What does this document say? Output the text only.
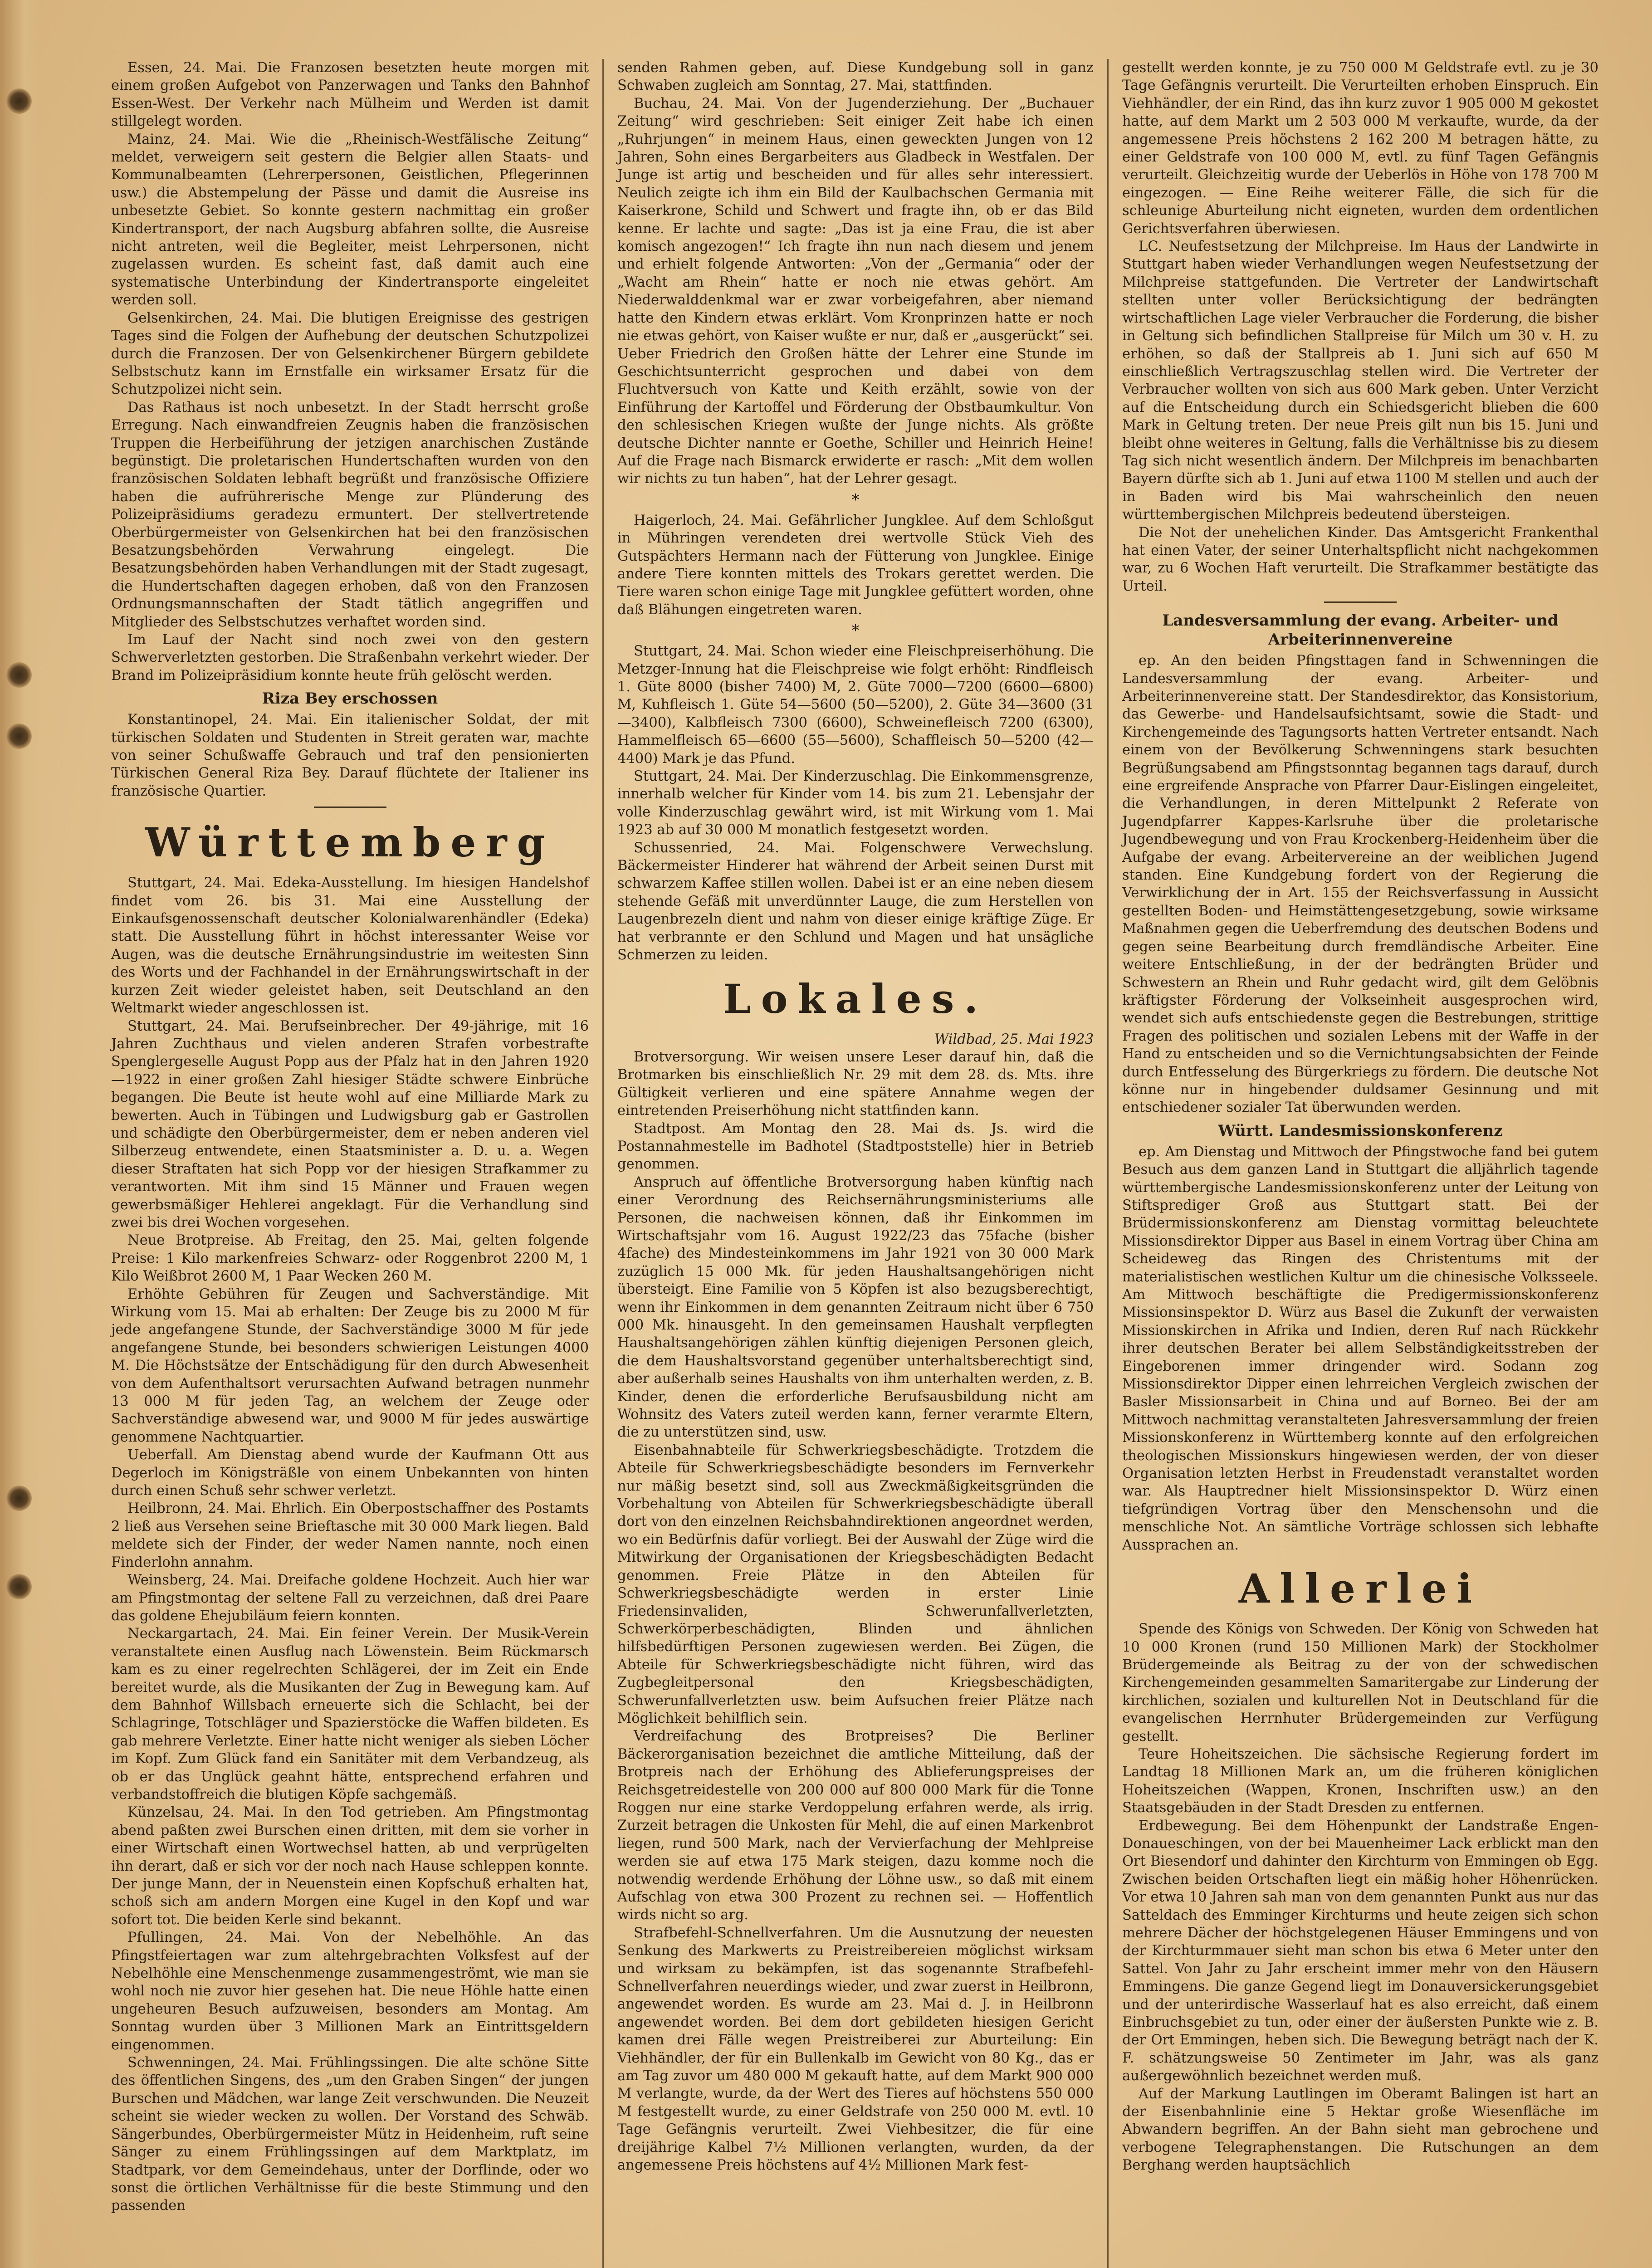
Essen, 24. Mai. Die Franzosen besetzten heute morgen mit einem großen Aufgebot von Panzerwagen und Tanks den Bahnhof Essen-West. Der Verkehr nach Mülheim und Werden ist damit stillgelegt worden.

Mainz, 24. Mai. Wie die „Rheinisch-Westfälische Zeitung“ meldet, verweigern seit gestern die Belgier allen Staats- und Kommunalbeamten (Lehrerpersonen, Geistlichen, Pflegerinnen usw.) die Abstempelung der Pässe und damit die Ausreise ins unbesetzte Gebiet. So konnte gestern nachmittag ein großer Kindertransport, der nach Augsburg abfahren sollte, die Ausreise nicht antreten, weil die Begleiter, meist Lehrpersonen, nicht zugelassen wurden. Es scheint fast, daß damit auch eine systematische Unterbindung der Kindertransporte eingeleitet werden soll.

Gelsenkirchen, 24. Mai. Die blutigen Ereignisse des gestrigen Tages sind die Folgen der Aufhebung der deutschen Schutzpolizei durch die Franzosen. Der von Gelsenkirchener Bürgern gebildete Selbstschutz kann im Ernstfalle ein wirksamer Ersatz für die Schutzpolizei nicht sein.

Das Rathaus ist noch unbesetzt. In der Stadt herrscht große Erregung. Nach einwandfreien Zeugnis haben die französischen Truppen die Herbeiführung der jetzigen anarchischen Zustände begünstigt. Die proletarischen Hundertschaften wurden von den französischen Soldaten lebhaft begrüßt und französische Offiziere haben die aufrührerische Menge zur Plünderung des Polizeipräsidiums geradezu ermuntert. Der stellvertretende Oberbürgermeister von Gelsenkirchen hat bei den französischen Besatzungsbehörden Verwahrung eingelegt. Die Besatzungsbehörden haben Verhandlungen mit der Stadt zugesagt, die Hundertschaften dagegen erhoben, daß von den Franzosen Ordnungsmannschaften der Stadt tätlich angegriffen und Mitglieder des Selbstschutzes verhaftet worden sind.

Im Lauf der Nacht sind noch zwei von den gestern Schwerverletzten gestorben. Die Straßenbahn verkehrt wieder. Der Brand im Polizeipräsidium konnte heute früh gelöscht werden.

Riza Bey erschossen

Konstantinopel, 24. Mai. Ein italienischer Soldat, der mit türkischen Soldaten und Studenten in Streit geraten war, machte von seiner Schußwaffe Gebrauch und traf den pensionierten Türkischen General Riza Bey. Darauf flüchtete der Italiener ins französische Quartier.

Württemberg

Stuttgart, 24. Mai. Edeka-Ausstellung. Im hiesigen Handelshof findet vom 26. bis 31. Mai eine Ausstellung der Einkaufsgenossenschaft deutscher Kolonialwarenhändler (Edeka) statt. Die Ausstellung führt in höchst interessanter Weise vor Augen, was die deutsche Ernährungsindustrie im weitesten Sinn des Worts und der Fachhandel in der Ernährungswirtschaft in der kurzen Zeit wieder geleistet haben, seit Deutschland an den Weltmarkt wieder angeschlossen ist.

Stuttgart, 24. Mai. Berufseinbrecher. Der 49-jährige, mit 16 Jahren Zuchthaus und vielen anderen Strafen vorbestrafte Spenglergeselle August Popp aus der Pfalz hat in den Jahren 1920—1922 in einer großen Zahl hiesiger Städte schwere Einbrüche begangen. Die Beute ist heute wohl auf eine Milliarde Mark zu bewerten. Auch in Tübingen und Ludwigsburg gab er Gastrollen und schädigte den Oberbürgermeister, dem er neben anderen viel Silberzeug entwendete, einen Staatsminister a. D. u. a. Wegen dieser Straftaten hat sich Popp vor der hiesigen Strafkammer zu verantworten. Mit ihm sind 15 Männer und Frauen wegen gewerbsmäßiger Hehlerei angeklagt. Für die Verhandlung sind zwei bis drei Wochen vorgesehen.

Neue Brotpreise. Ab Freitag, den 25. Mai, gelten folgende Preise: 1 Kilo markenfreies Schwarz- oder Roggenbrot 2200 M, 1 Kilo Weißbrot 2600 M, 1 Paar Wecken 260 M.

Erhöhte Gebühren für Zeugen und Sachverständige. Mit Wirkung vom 15. Mai ab erhalten: Der Zeuge bis zu 2000 M für jede angefangene Stunde, der Sachverständige 3000 M für jede angefangene Stunde, bei besonders schwierigen Leistungen 4000 M. Die Höchstsätze der Entschädigung für den durch Abwesenheit von dem Aufenthaltsort verursachten Aufwand betragen nunmehr 13 000 M für jeden Tag, an welchem der Zeuge oder Sachverständige abwesend war, und 9000 M für jedes auswärtige genommene Nachtquartier.

Ueberfall. Am Dienstag abend wurde der Kaufmann Ott aus Degerloch im Königsträßle von einem Unbekannten von hinten durch einen Schuß sehr schwer verletzt.

Heilbronn, 24. Mai. Ehrlich. Ein Oberpostschaffner des Postamts 2 ließ aus Versehen seine Brieftasche mit 30 000 Mark liegen. Bald meldete sich der Finder, der weder Namen nannte, noch einen Finderlohn annahm.

Weinsberg, 24. Mai. Dreifache goldene Hochzeit. Auch hier war am Pfingstmontag der seltene Fall zu verzeichnen, daß drei Paare das goldene Ehejubiläum feiern konnten.

Neckargartach, 24. Mai. Ein feiner Verein. Der Musik-Verein veranstaltete einen Ausflug nach Löwenstein. Beim Rückmarsch kam es zu einer regelrechten Schlägerei, der im Zeit ein Ende bereitet wurde, als die Musikanten der Zug in Bewegung kam. Auf dem Bahnhof Willsbach erneuerte sich die Schlacht, bei der Schlagringe, Totschläger und Spazierstöcke die Waffen bildeten. Es gab mehrere Verletzte. Einer hatte nicht weniger als sieben Löcher im Kopf. Zum Glück fand ein Sanitäter mit dem Verbandzeug, als ob er das Unglück geahnt hätte, entsprechend erfahren und verbandstoffreich die blutigen Köpfe sachgemäß.

Künzelsau, 24. Mai. In den Tod getrieben. Am Pfingstmontag abend paßten zwei Burschen einen dritten, mit dem sie vorher in einer Wirtschaft einen Wortwechsel hatten, ab und verprügelten ihn derart, daß er sich vor der noch nach Hause schleppen konnte. Der junge Mann, der in Neuenstein einen Kopfschuß erhalten hat, schoß sich am andern Morgen eine Kugel in den Kopf und war sofort tot. Die beiden Kerle sind bekannt.

Pfullingen, 24. Mai. Von der Nebelhöhle. An das Pfingstfeiertagen war zum altehrgebrachten Volksfest auf der Nebelhöhle eine Menschenmenge zusammengeströmt, wie man sie wohl noch nie zuvor hier gesehen hat. Die neue Höhle hatte einen ungeheuren Besuch aufzuweisen, besonders am Montag. Am Sonntag wurden über 3 Millionen Mark an Eintrittsgeldern eingenommen.

Schwenningen, 24. Mai. Frühlingssingen. Die alte schöne Sitte des öffentlichen Singens, des „um den Graben Singen“ der jungen Burschen und Mädchen, war lange Zeit verschwunden. Die Neuzeit scheint sie wieder wecken zu wollen. Der Vorstand des Schwäb. Sängerbundes, Oberbürgermeister Mütz in Heidenheim, ruft seine Sänger zu einem Frühlingssingen auf dem Marktplatz, im Stadtpark, vor dem Gemeindehaus, unter der Dorflinde, oder wo sonst die örtlichen Verhältnisse für die beste Stimmung und den passenden

senden Rahmen geben, auf. Diese Kundgebung soll in ganz Schwaben zugleich am Sonntag, 27. Mai, stattfinden.

Buchau, 24. Mai. Von der Jugenderziehung. Der „Buchauer Zeitung“ wird geschrieben: Seit einiger Zeit habe ich einen „Ruhrjungen“ in meinem Haus, einen geweckten Jungen von 12 Jahren, Sohn eines Bergarbeiters aus Gladbeck in Westfalen. Der Junge ist artig und bescheiden und für alles sehr interessiert. Neulich zeigte ich ihm ein Bild der Kaulbachschen Germania mit Kaiserkrone, Schild und Schwert und fragte ihn, ob er das Bild kenne. Er lachte und sagte: „Das ist ja eine Frau, die ist aber komisch angezogen!“ Ich fragte ihn nun nach diesem und jenem und erhielt folgende Antworten: „Von der „Germania“ oder der „Wacht am Rhein“ hatte er noch nie etwas gehört. Am Niederwalddenkmal war er zwar vorbeigefahren, aber niemand hatte den Kindern etwas erklärt. Vom Kronprinzen hatte er noch nie etwas gehört, von Kaiser wußte er nur, daß er „ausgerückt“ sei. Ueber Friedrich den Großen hätte der Lehrer eine Stunde im Geschichtsunterricht gesprochen und dabei von dem Fluchtversuch von Katte und Keith erzählt, sowie von der Einführung der Kartoffel und Förderung der Obstbaumkultur. Von den schlesischen Kriegen wußte der Junge nichts. Als größte deutsche Dichter nannte er Goethe, Schiller und Heinrich Heine! Auf die Frage nach Bismarck erwiderte er rasch: „Mit dem wollen wir nichts zu tun haben“, hat der Lehrer gesagt.

*

Haigerloch, 24. Mai. Gefährlicher Jungklee. Auf dem Schloßgut in Mühringen verendeten drei wertvolle Stück Vieh des Gutspächters Hermann nach der Fütterung von Jungklee. Einige andere Tiere konnten mittels des Trokars gerettet werden. Die Tiere waren schon einige Tage mit Jungklee gefüttert worden, ohne daß Blähungen eingetreten waren.

*

Stuttgart, 24. Mai. Schon wieder eine Fleischpreiserhöhung. Die Metzger-Innung hat die Fleischpreise wie folgt erhöht: Rindfleisch 1. Güte 8000 (bisher 7400) M, 2. Güte 7000—7200 (6600—6800) M, Kuhfleisch 1. Güte 54—5600 (50—5200), 2. Güte 34—3600 (31—3400), Kalbfleisch 7300 (6600), Schweinefleisch 7200 (6300), Hammelfleisch 65—6600 (55—5600), Schaffleisch 50—5200 (42—4400) Mark je das Pfund.

Stuttgart, 24. Mai. Der Kinderzuschlag. Die Einkommensgrenze, innerhalb welcher für Kinder vom 14. bis zum 21. Lebensjahr der volle Kinderzuschlag gewährt wird, ist mit Wirkung vom 1. Mai 1923 ab auf 30 000 M monatlich festgesetzt worden.

Schussenried, 24. Mai. Folgenschwere Verwechslung. Bäckermeister Hinderer hat während der Arbeit seinen Durst mit schwarzem Kaffee stillen wollen. Dabei ist er an eine neben diesem stehende Gefäß mit unverdünnter Lauge, die zum Herstellen von Laugenbrezeln dient und nahm von dieser einige kräftige Züge. Er hat verbrannte er den Schlund und Magen und hat unsägliche Schmerzen zu leiden.

Lokales.

Wildbad, 25. Mai 1923

Brotversorgung. Wir weisen unsere Leser darauf hin, daß die Brotmarken bis einschließlich Nr. 29 mit dem 28. ds. Mts. ihre Gültigkeit verlieren und eine spätere Annahme wegen der eintretenden Preiserhöhung nicht stattfinden kann.

Stadtpost. Am Montag den 28. Mai ds. Js. wird die Postannahmestelle im Badhotel (Stadtpoststelle) hier in Betrieb genommen.

Anspruch auf öffentliche Brotversorgung haben künftig nach einer Verordnung des Reichsernährungsministeriums alle Personen, die nachweisen können, daß ihr Einkommen im Wirtschaftsjahr vom 16. August 1922/23 das 75fache (bisher 4fache) des Mindesteinkommens im Jahr 1921 von 30 000 Mark zuzüglich 15 000 Mk. für jeden Haushaltsangehörigen nicht übersteigt. Eine Familie von 5 Köpfen ist also bezugsberechtigt, wenn ihr Einkommen in dem genannten Zeitraum nicht über 6 750 000 Mk. hinausgeht. In den gemeinsamen Haushalt verpflegten Haushaltsangehörigen zählen künftig diejenigen Personen gleich, die dem Haushaltsvorstand gegenüber unterhaltsberechtigt sind, aber außerhalb seines Haushalts von ihm unterhalten werden, z. B. Kinder, denen die erforderliche Berufsausbildung nicht am Wohnsitz des Vaters zuteil werden kann, ferner verarmte Eltern, die zu unterstützen sind, usw.

Eisenbahnabteile für Schwerkriegsbeschädigte. Trotzdem die Abteile für Schwerkriegsbeschädigte besonders im Fernverkehr nur mäßig besetzt sind, soll aus Zweckmäßigkeitsgründen die Vorbehaltung von Abteilen für Schwerkriegsbeschädigte überall dort von den einzelnen Reichsbahndirektionen angeordnet werden, wo ein Bedürfnis dafür vorliegt. Bei der Auswahl der Züge wird die Mitwirkung der Organisationen der Kriegsbeschädigten Bedacht genommen. Freie Plätze in den Abteilen für Schwerkriegsbeschädigte werden in erster Linie Friedensinvaliden, Schwerunfallverletzten, Schwerkörperbeschädigten, Blinden und ähnlichen hilfsbedürftigen Personen zugewiesen werden. Bei Zügen, die Abteile für Schwerkriegsbeschädigte nicht führen, wird das Zugbegleitpersonal den Kriegsbeschädigten, Schwerunfallverletzten usw. beim Aufsuchen freier Plätze nach Möglichkeit behilflich sein.

Verdreifachung des Brotpreises? Die Berliner Bäckerorganisation bezeichnet die amtliche Mitteilung, daß der Brotpreis nach der Erhöhung des Ablieferungspreises der Reichsgetreidestelle von 200 000 auf 800 000 Mark für die Tonne Roggen nur eine starke Verdoppelung erfahren werde, als irrig. Zurzeit betragen die Unkosten für Mehl, die auf einen Markenbrot liegen, rund 500 Mark, nach der Vervierfachung der Mehlpreise werden sie auf etwa 175 Mark steigen, dazu komme noch die notwendig werdende Erhöhung der Löhne usw., so daß mit einem Aufschlag von etwa 300 Prozent zu rechnen sei. — Hoffentlich wirds nicht so arg.

Strafbefehl-Schnellverfahren. Um die Ausnutzung der neuesten Senkung des Markwerts zu Preistreibereien möglichst wirksam und wirksam zu bekämpfen, ist das sogenannte Strafbefehl-Schnellverfahren neuerdings wieder, und zwar zuerst in Heilbronn, angewendet worden. Es wurde am 23. Mai d. J. in Heilbronn angewendet worden. Bei dem dort gebildeten hiesigen Gericht kamen drei Fälle wegen Preistreiberei zur Aburteilung: Ein Viehhändler, der für ein Bullenkalb im Gewicht von 80 Kg., das er am Tag zuvor um 480 000 M gekauft hatte, auf dem Markt 900 000 M verlangte, wurde, da der Wert des Tieres auf höchstens 550 000 M festgestellt wurde, zu einer Geldstrafe von 250 000 M. evtl. 10 Tage Gefängnis verurteilt. Zwei Viehbesitzer, die für eine dreijährige Kalbel 7½ Millionen verlangten, wurden, da der angemessene Preis höchstens auf 4½ Millionen Mark fest-

gestellt werden konnte, je zu 750 000 M Geldstrafe evtl. zu je 30 Tage Gefängnis verurteilt. Die Verurteilten erhoben Einspruch. Ein Viehhändler, der ein Rind, das ihn kurz zuvor 1 905 000 M gekostet hatte, auf dem Markt um 2 503 000 M verkaufte, wurde, da der angemessene Preis höchstens 2 162 200 M betragen hätte, zu einer Geldstrafe von 100 000 M, evtl. zu fünf Tagen Gefängnis verurteilt. Gleichzeitig wurde der Ueberlös in Höhe von 178 700 M eingezogen. — Eine Reihe weiterer Fälle, die sich für die schleunige Aburteilung nicht eigneten, wurden dem ordentlichen Gerichtsverfahren überwiesen.

LC. Neufestsetzung der Milchpreise. Im Haus der Landwirte in Stuttgart haben wieder Verhandlungen wegen Neufestsetzung der Milchpreise stattgefunden. Die Vertreter der Landwirtschaft stellten unter voller Berücksichtigung der bedrängten wirtschaftlichen Lage vieler Verbraucher die Forderung, die bisher in Geltung sich befindlichen Stallpreise für Milch um 30 v. H. zu erhöhen, so daß der Stallpreis ab 1. Juni sich auf 650 M einschließlich Vertragszuschlag stellen wird. Die Vertreter der Verbraucher wollten von sich aus 600 Mark geben. Unter Verzicht auf die Entscheidung durch ein Schiedsgericht blieben die 600 Mark in Geltung treten. Der neue Preis gilt nun bis 15. Juni und bleibt ohne weiteres in Geltung, falls die Verhältnisse bis zu diesem Tag sich nicht wesentlich ändern. Der Milchpreis im benachbarten Bayern dürfte sich ab 1. Juni auf etwa 1100 M stellen und auch der in Baden wird bis Mai wahrscheinlich den neuen württembergischen Milchpreis bedeutend übersteigen.

Die Not der unehelichen Kinder. Das Amtsgericht Frankenthal hat einen Vater, der seiner Unterhaltspflicht nicht nachgekommen war, zu 6 Wochen Haft verurteilt. Die Strafkammer bestätigte das Urteil.

Landesversammlung der evang. Arbeiter- und Arbeiterinnenvereine

ep. An den beiden Pfingsttagen fand in Schwenningen die Landesversammlung der evang. Arbeiter- und Arbeiterinnenvereine statt. Der Standesdirektor, das Konsistorium, das Gewerbe- und Handelsaufsichtsamt, sowie die Stadt- und Kirchengemeinde des Tagungsorts hatten Vertreter entsandt. Nach einem von der Bevölkerung Schwenningens stark besuchten Begrüßungsabend am Pfingstsonntag begannen tags darauf, durch eine ergreifende Ansprache von Pfarrer Daur-Eislingen eingeleitet, die Verhandlungen, in deren Mittelpunkt 2 Referate von Jugendpfarrer Kappes-Karlsruhe über die proletarische Jugendbewegung und von Frau Krockenberg-Heidenheim über die Aufgabe der evang. Arbeitervereine an der weiblichen Jugend standen. Eine Kundgebung fordert von der Regierung die Verwirklichung der in Art. 155 der Reichsverfassung in Aussicht gestellten Boden- und Heimstättengesetzgebung, sowie wirksame Maßnahmen gegen die Ueberfremdung des deutschen Bodens und gegen seine Bearbeitung durch fremdländische Arbeiter. Eine weitere Entschließung, in der der bedrängten Brüder und Schwestern an Rhein und Ruhr gedacht wird, gilt dem Gelöbnis kräftigster Förderung der Volkseinheit ausgesprochen wird, wendet sich aufs entschiedenste gegen die Bestrebungen, strittige Fragen des politischen und sozialen Lebens mit der Waffe in der Hand zu entscheiden und so die Vernichtungsabsichten der Feinde durch Entfesselung des Bürgerkriegs zu fördern. Die deutsche Not könne nur in hingebender duldsamer Gesinnung und mit entschiedener sozialer Tat überwunden werden.

Württ. Landesmissionskonferenz

ep. Am Dienstag und Mittwoch der Pfingstwoche fand bei gutem Besuch aus dem ganzen Land in Stuttgart die alljährlich tagende württembergische Landesmissionskonferenz unter der Leitung von Stiftsprediger Groß aus Stuttgart statt. Bei der Brüdermissionskonferenz am Dienstag vormittag beleuchtete Missionsdirektor Dipper aus Basel in einem Vortrag über China am Scheideweg das Ringen des Christentums mit der materialistischen westlichen Kultur um die chinesische Volksseele. Am Mittwoch beschäftigte die Predigermissionskonferenz Missionsinspektor D. Würz aus Basel die Zukunft der verwaisten Missionskirchen in Afrika und Indien, deren Ruf nach Rückkehr ihrer deutschen Berater bei allem Selbständigkeitsstreben der Eingeborenen immer dringender wird. Sodann zog Missionsdirektor Dipper einen lehrreichen Vergleich zwischen der Basler Missionsarbeit in China und auf Borneo. Bei der am Mittwoch nachmittag veranstalteten Jahresversammlung der freien Missionskonferenz in Württemberg konnte auf den erfolgreichen theologischen Missionskurs hingewiesen werden, der von dieser Organisation letzten Herbst in Freudenstadt veranstaltet worden war. Als Hauptredner hielt Missionsinspektor D. Würz einen tiefgründigen Vortrag über den Menschensohn und die menschliche Not. An sämtliche Vorträge schlossen sich lebhafte Aussprachen an.

Allerlei

Spende des Königs von Schweden. Der König von Schweden hat 10 000 Kronen (rund 150 Millionen Mark) der Stockholmer Brüdergemeinde als Beitrag zu der von der schwedischen Kirchengemeinden gesammelten Samaritergabe zur Linderung der kirchlichen, sozialen und kulturellen Not in Deutschland für die evangelischen Herrnhuter Brüdergemeinden zur Verfügung gestellt.

Teure Hoheitszeichen. Die sächsische Regierung fordert im Landtag 18 Millionen Mark an, um die früheren königlichen Hoheitszeichen (Wappen, Kronen, Inschriften usw.) an den Staatsgebäuden in der Stadt Dresden zu entfernen.

Erdbewegung. Bei dem Höhenpunkt der Landstraße Engen-Donaueschingen, von der bei Mauenheimer Lack erblickt man den Ort Biesendorf und dahinter den Kirchturm von Emmingen ob Egg. Zwischen beiden Ortschaften liegt ein mäßig hoher Höhenrücken. Vor etwa 10 Jahren sah man von dem genannten Punkt aus nur das Satteldach des Emminger Kirchturms und heute zeigen sich schon mehrere Dächer der höchstgelegenen Häuser Emmingens und von der Kirchturmmauer sieht man schon bis etwa 6 Meter unter den Sattel. Von Jahr zu Jahr erscheint immer mehr von den Häusern Emmingens. Die ganze Gegend liegt im Donauversickerungsgebiet und der unterirdische Wasserlauf hat es also erreicht, daß einem Einbruchsgebiet zu tun, oder einer der äußersten Punkte wie z. B. der Ort Emmingen, heben sich. Die Bewegung beträgt nach der K. F. schätzungsweise 50 Zentimeter im Jahr, was als ganz außergewöhnlich bezeichnet werden muß.

Auf der Markung Lautlingen im Oberamt Balingen ist hart an der Eisenbahnlinie eine 5 Hektar große Wiesenfläche im Abwandern begriffen. An der Bahn sieht man gebrochene und verbogene Telegraphenstangen. Die Rutschungen an dem Berghang werden hauptsächlich
